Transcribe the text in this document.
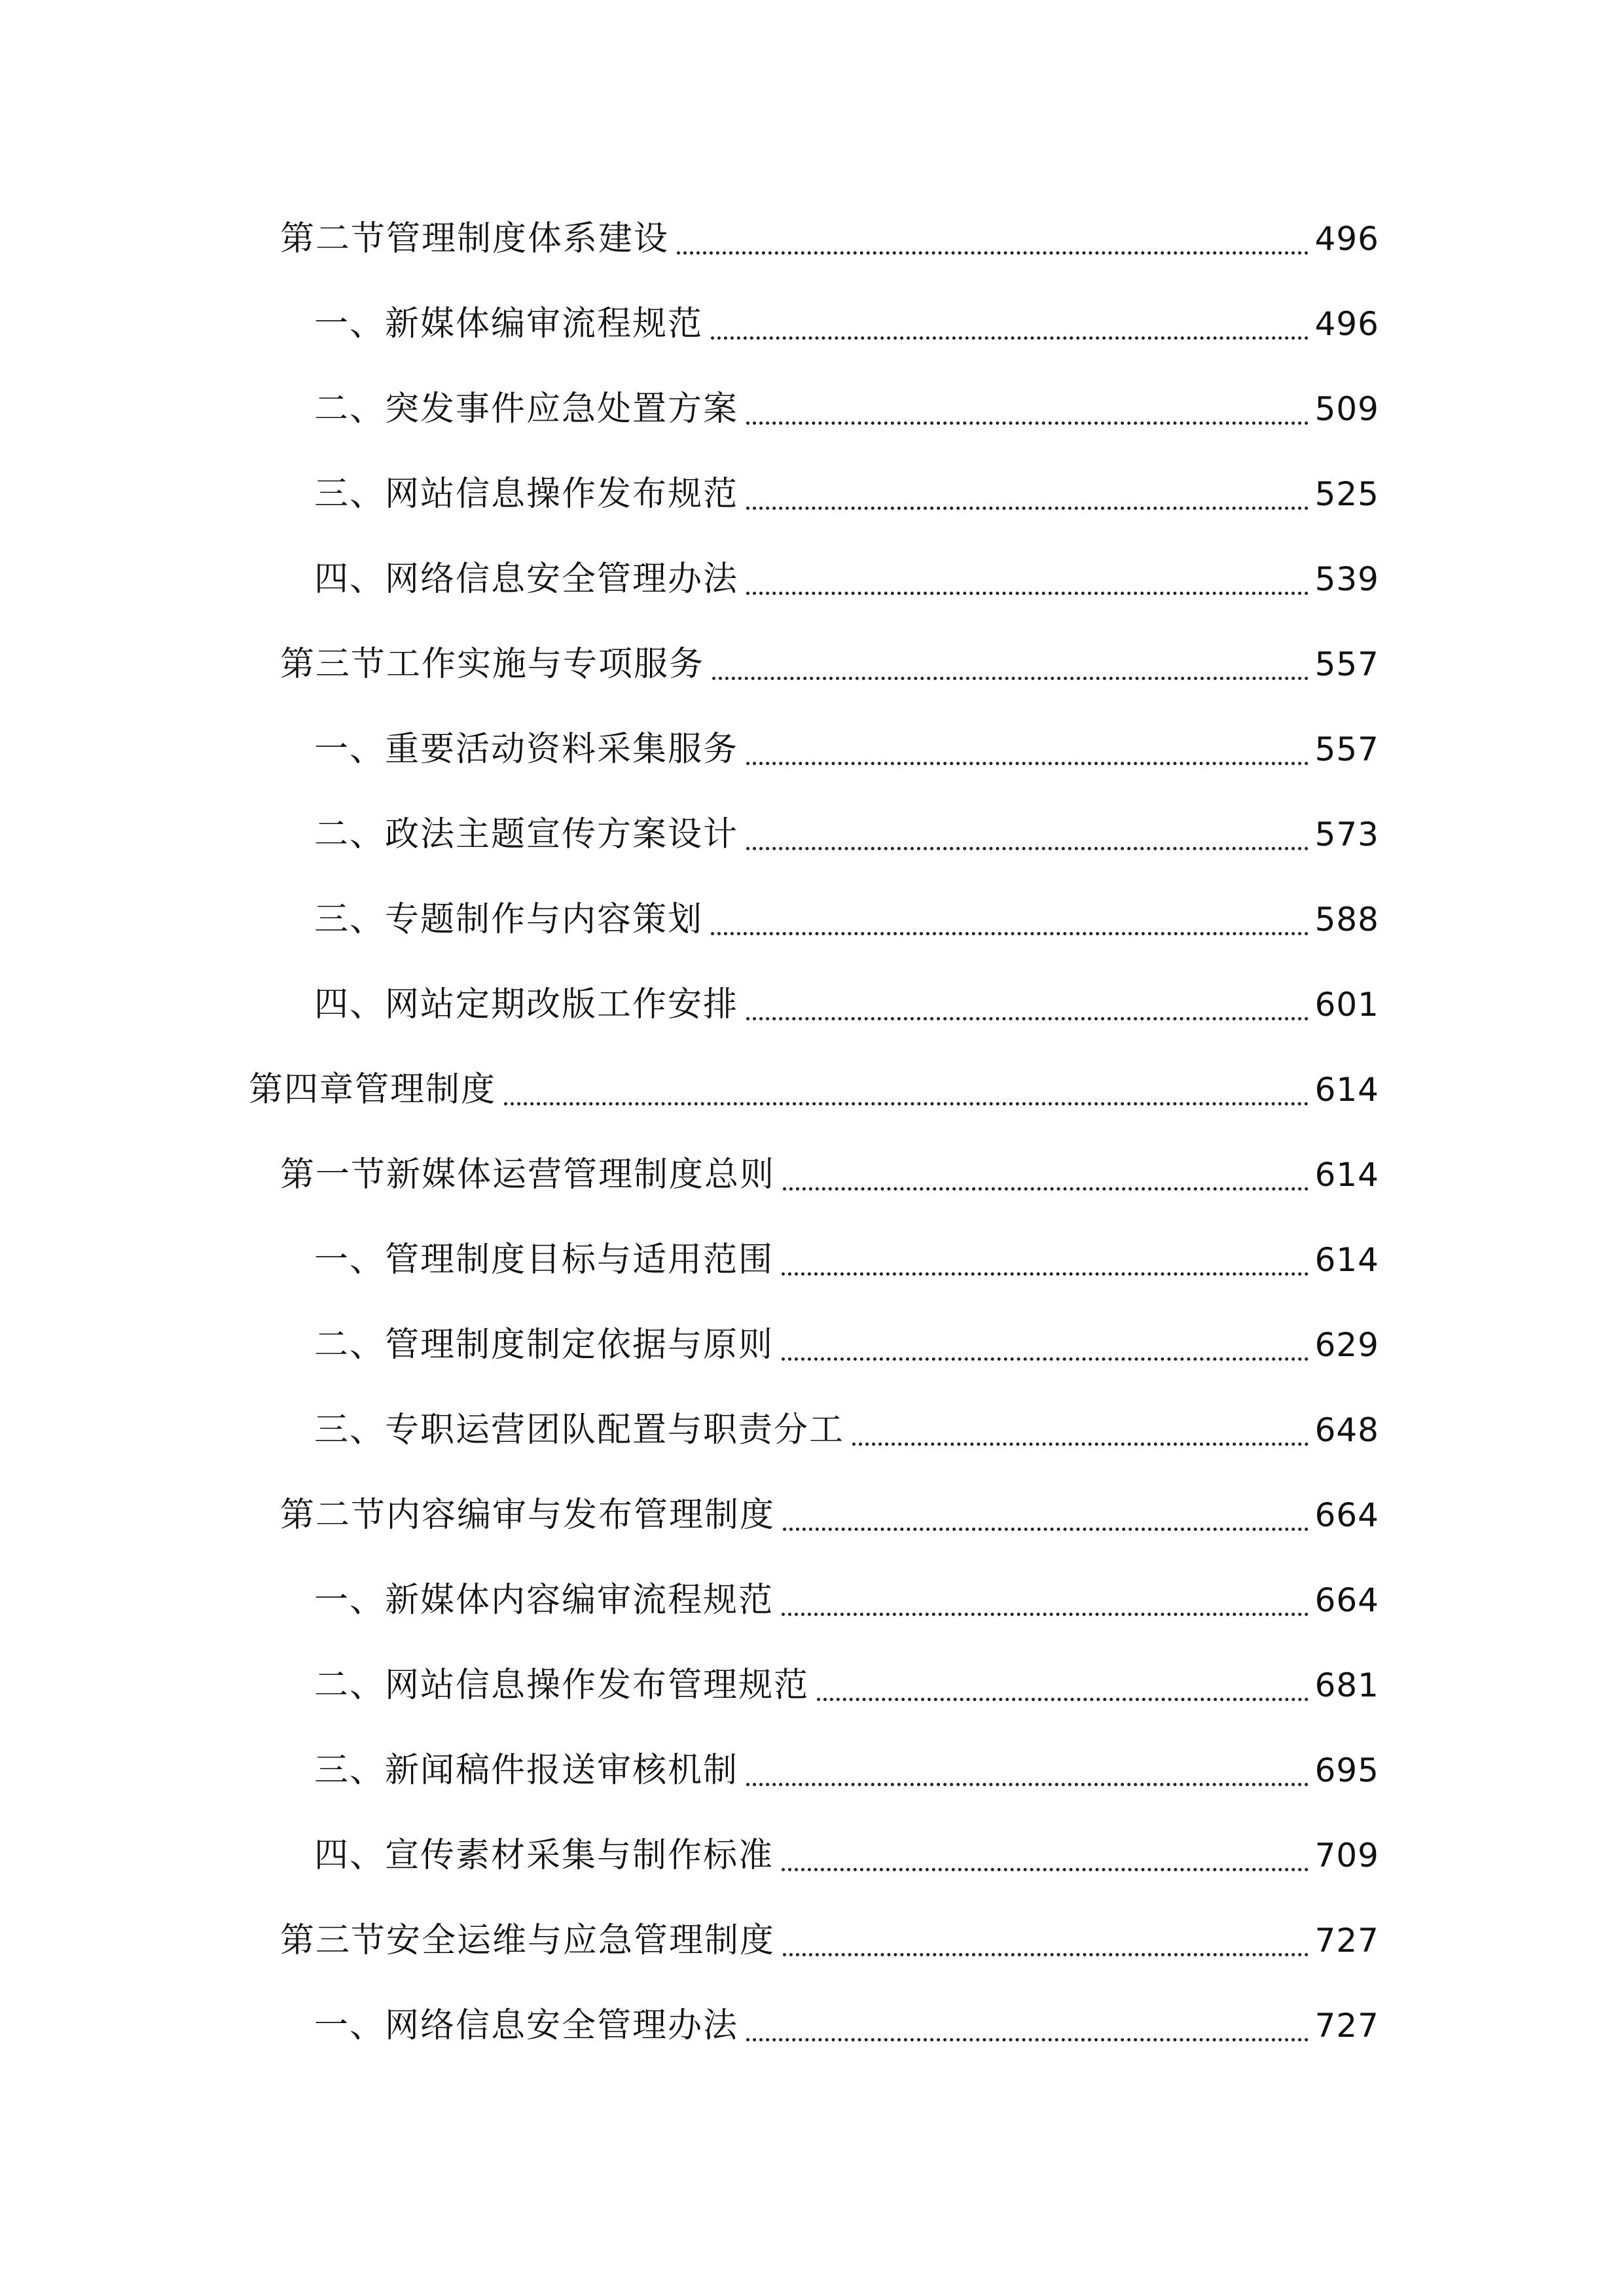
第二节管理制度体系建设	496
一、新媒体编审流程规范	496
二、突发事件应急处置方案	509
三、网站信息操作发布规范	525
四、网络信息安全管理办法	539
第三节工作实施与专项服务	557
一、重要活动资料采集服务	557
二、政法主题宣传方案设计	573
三、专题制作与内容策划	588
四、网站定期改版工作安排	601
第四章管理制度	614
第一节新媒体运营管理制度总则	614
一、管理制度目标与适用范围	614
二、管理制度制定依据与原则	629
三、专职运营团队配置与职责分工	648
第二节内容编审与发布管理制度	664
一、新媒体内容编审流程规范	664
二、网站信息操作发布管理规范	681
三、新闻稿件报送审核机制	695
四、宣传素材采集与制作标准	709
第三节安全运维与应急管理制度	727
一、网络信息安全管理办法	727
